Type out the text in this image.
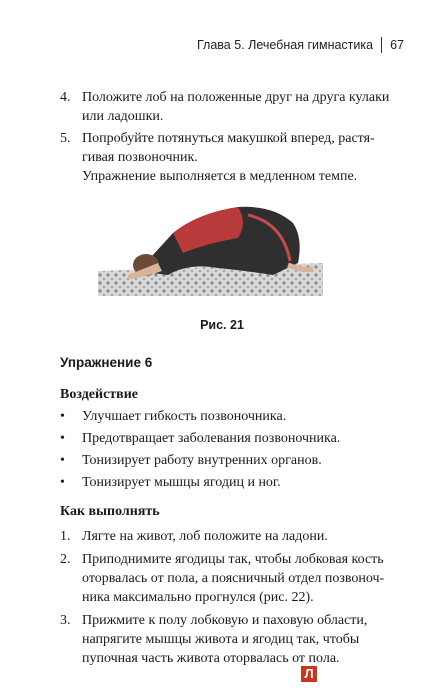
Глава 5. Лечебная гимнастика 67
4. Положите лоб на положенные друг на друга кулаки
или ладошки.
5. Попробуйте потянуться макушкой вперед, растя-
гивая позвоночник.
Упражнение выполняется в медленном темпе.
Рис. 21
Упражнение 6
Воздействие
•	Улучшает гибкость позвоночника.
•	Предотвращает заболевания позвоночника.
•	Тонизирует работу внутренних органов.
•	Тонизирует мышцы ягодиц и ног.
Как выполнять
1. Лягте на живот, лоб положите на ладони.
2. Приподнимите ягодицы так, чтобы лобковая кость
оторвалась от пола, а поясничный отдел позвоноч-
ника максимально прогнулся (рис. 22).
3. Прижмите к полу лобковую и паховую области,
напрягите мышцы живота и ягодиц так, чтобы
пупочная часть живота оторвалась от пола.
Л
